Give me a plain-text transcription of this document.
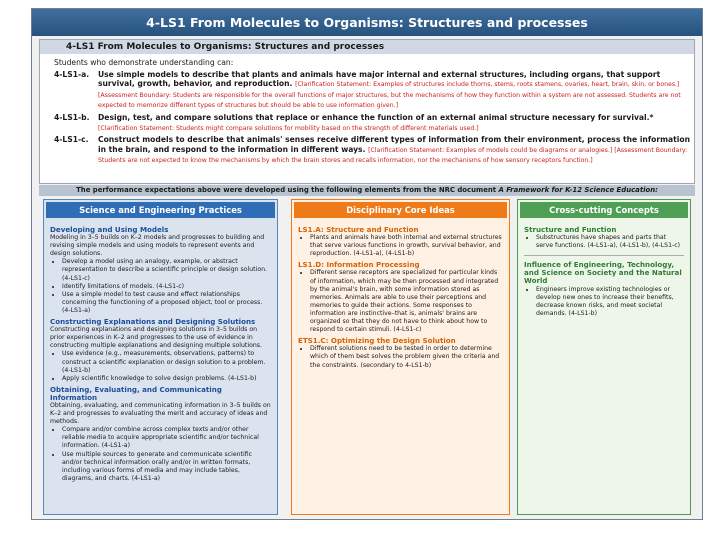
4-LS1 From Molecules to Organisms: Structures and processes
4-LS1 From Molecules to Organisms: Structures and processes

Students who demonstrate understanding can:

4-LS1-a.	Use simple models to describe that plants and animals have major internal and external structures, including organs, that support survival, growth, behavior, and reproduction. [Clarification Statement: Examples of structures include thorns, stems, roots stamens, ovaries, heart, brain, skin, or bones.] [Assessment Boundary: Students are responsible for the overall functions of major structures, but the mechanisms of how they function within a system are not assessed. Students are not expected to memorize different types of structures but should be able to use information given.]
4-LS1-b.	Design, test, and compare solutions that replace or enhance the function of an external animal structure necessary for survival.* [Clarification Statement: Students might compare solutions for mobility based on the strength of different materials used.]
4-LS1-c.	Construct models to describe that animals' senses receive different types of information from their environment, process the information in the brain, and respond to the information in different ways. [Clarification Statement: Examples of models could be diagrams or analogies.] [Assessment Boundary: Students are not expected to know the mechanisms by which the brain stores and recalls information, nor the mechanisms of how sensory receptors function.]
The performance expectations above were developed using the following elements from the NRC document A Framework for K-12 Science Education:
Science and Engineering Practices
Developing and Using Models

Modeling in 3–5 builds on K–2 models and progresses to building and revising simple models and using models to represent events and design solutions.

• Develop a model using an analogy, example, or abstract representation to describe a scientific principle or design solution. (4-LS1-c)
• Identify limitations of models. (4-LS1-c)
• Use a simple model to test cause and effect relationships concerning the functioning of a proposed object, tool or process. (4-LS1-a)
Constructing Explanations and Designing Solutions

Constructing explanations and designing solutions in 3–5 builds on prior experiences in K–2 and progresses to the use of evidence in constructing multiple explanations and designing multiple solutions.

• Use evidence (e.g., measurements, observations, patterns) to construct a scientific explanation or design solution to a problem. (4-LS1-b)
• Apply scientific knowledge to solve design problems. (4-LS1-b)
Obtaining, Evaluating, and Communicating Information

Obtaining, evaluating, and communicating information in 3–5 builds on K–2 and progresses to evaluating the merit and accuracy of ideas and methods.

• Compare and/or combine across complex texts and/or other reliable media to acquire appropriate scientific and/or technical information. (4-LS1-a)
• Use multiple sources to generate and communicate scientific and/or technical information orally and/or in written formats, including various forms of media and may include tables, diagrams, and charts. (4-LS1-a)
Disciplinary Core Ideas
LS1.A: Structure and Function
• Plants and animals have both internal and external structures that serve various functions in growth, survival behavior, and reproduction. (4-LS1-a), (4-LS1-b)
LS1.D: Information Processing
• Different sense receptors are specialized for particular kinds of information, which may be then processed and integrated by the animal's brain, with some information stored as memories. Animals are able to use their perceptions and memories to guide their actions. Some responses to information are instinctive–that is, animals' brains are organized so that they do not have to think about how to respond to certain stimuli. (4-LS1-c)
ETS1.C: Optimizing the Design Solution
• Different solutions need to be tested in order to determine which of them best solves the problem given the criteria and the constraints. (secondary to 4-LS1-b)
Cross-cutting Concepts
Structure and Function
• Substructures have shapes and parts that serve functions. (4-LS1-a), (4-LS1-b), (4-LS1-c)
Influence of Engineering, Technology, and Science on Society and the Natural World
• Engineers improve existing technologies or develop new ones to increase their benefits, decrease known risks, and meet societal demands. (4-LS1-b)
